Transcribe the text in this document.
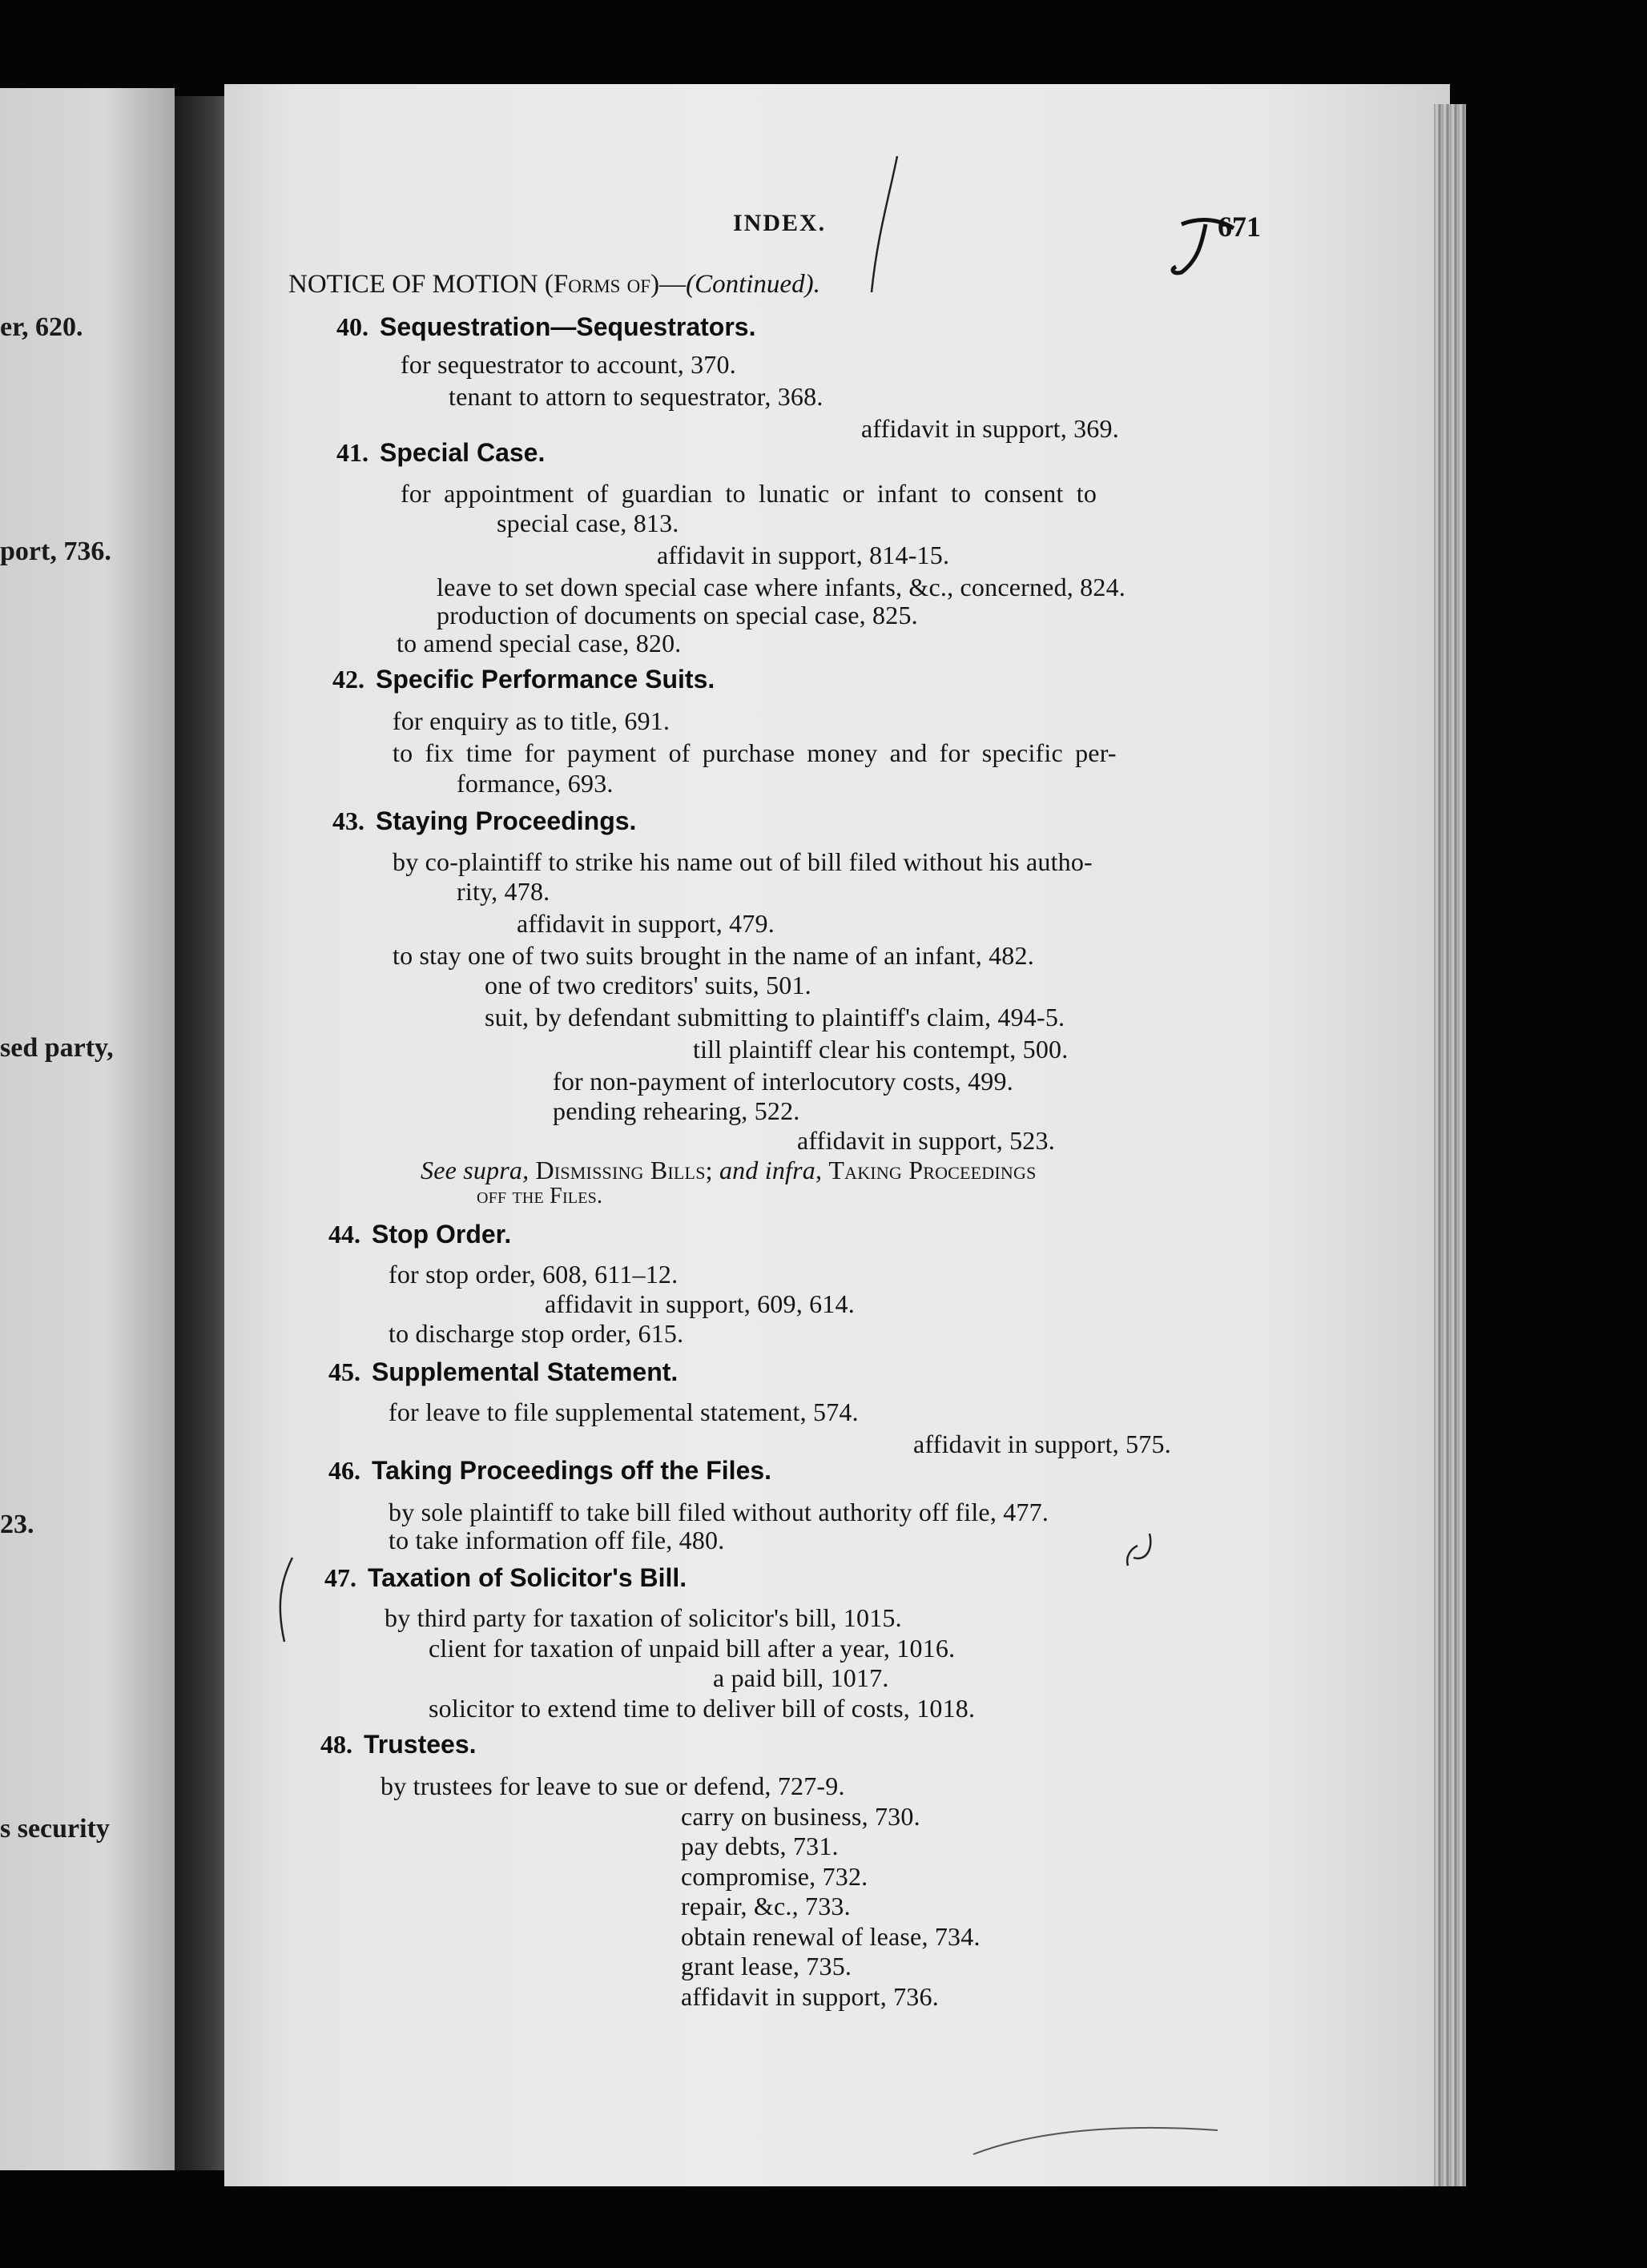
er, 620.
port, 736.
sed party,
23.
s security
INDEX.	671
NOTICE OF MOTION (Forms of)—(Continued).
40. Sequestration—Sequestrators.
for sequestrator to account, 370.
tenant to attorn to sequestrator, 368.
affidavit in support, 369.
41. Special Case.
for appointment of guardian to lunatic or infant to consent to
special case, 813.
affidavit in support, 814-15.
leave to set down special case where infants, &c., concerned, 824.
production of documents on special case, 825.
to amend special case, 820.
42. Specific Performance Suits.
for enquiry as to title, 691.
to fix time for payment of purchase money and for specific per-
formance, 693.
43. Staying Proceedings.
by co-plaintiff to strike his name out of bill filed without his autho-
rity, 478.
affidavit in support, 479.
to stay one of two suits brought in the name of an infant, 482.
one of two creditors' suits, 501.
suit, by defendant submitting to plaintiff's claim, 494-5.
till plaintiff clear his contempt, 500.
for non-payment of interlocutory costs, 499.
pending rehearing, 522.
affidavit in support, 523.
See supra, Dismissing Bills; and infra, Taking Proceedings
off the Files.
44. Stop Order.
for stop order, 608, 611–12.
affidavit in support, 609, 614.
to discharge stop order, 615.
45. Supplemental Statement.
for leave to file supplemental statement, 574.
affidavit in support, 575.
46. Taking Proceedings off the Files.
by sole plaintiff to take bill filed without authority off file, 477.
to take information off file, 480.
47. Taxation of Solicitor's Bill.
by third party for taxation of solicitor's bill, 1015.
client for taxation of unpaid bill after a year, 1016.
a paid bill, 1017.
solicitor to extend time to deliver bill of costs, 1018.
48. Trustees.
by trustees for leave to sue or defend, 727-9.
carry on business, 730.
pay debts, 731.
compromise, 732.
repair, &c., 733.
obtain renewal of lease, 734.
grant lease, 735.
affidavit in support, 736.
